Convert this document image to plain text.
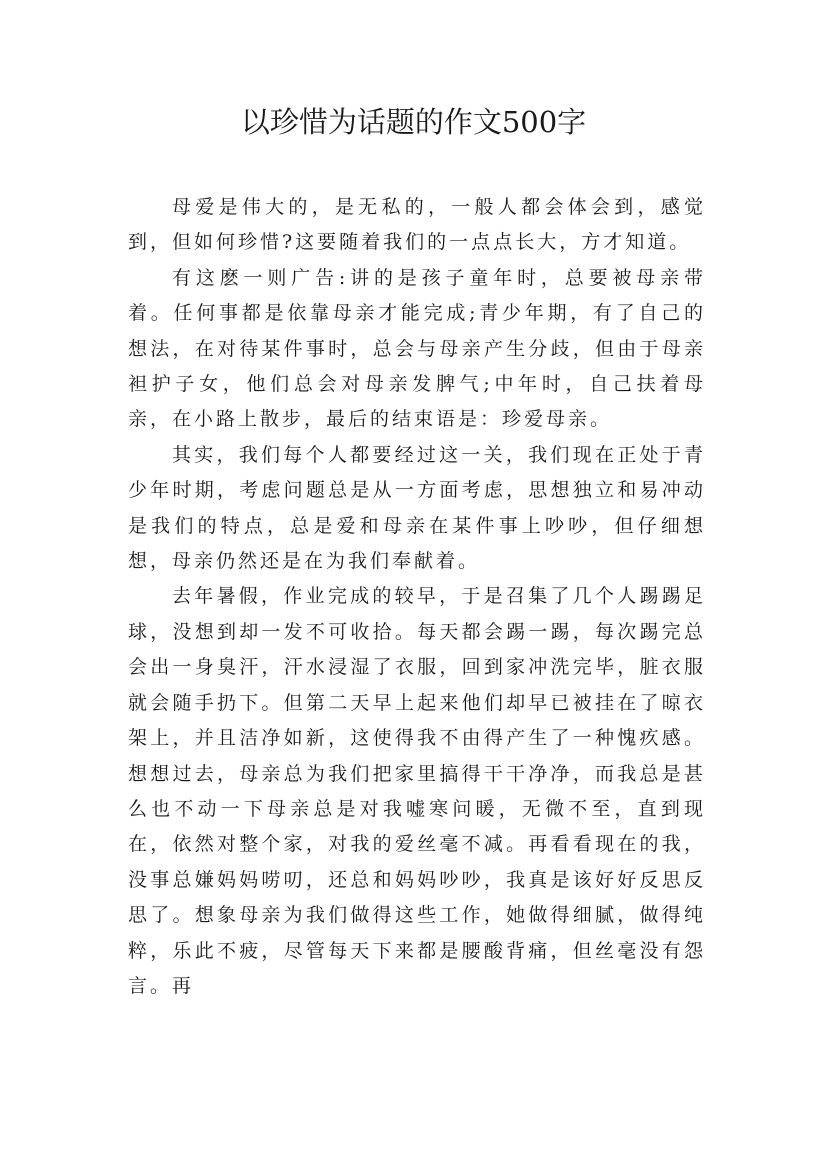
以珍惜为话题的作文500字

母爱是伟大的，是无私的，一般人都会体会到，感觉到，但如何珍惜?这要随着我们的一点点长大，方才知道。

有这麽一则广告:讲的是孩子童年时，总要被母亲带着。任何事都是依靠母亲才能完成;青少年期，有了自己的想法，在对待某件事时，总会与母亲产生分歧，但由于母亲袒护子女，他们总会对母亲发脾气;中年时，自己扶着母亲，在小路上散步，最后的结束语是：珍爱母亲。

其实，我们每个人都要经过这一关，我们现在正处于青少年时期，考虑问题总是从一方面考虑，思想独立和易冲动是我们的特点，总是爱和母亲在某件事上吵吵，但仔细想想，母亲仍然还是在为我们奉献着。

去年暑假，作业完成的较早，于是召集了几个人踢踢足球，没想到却一发不可收拾。每天都会踢一踢，每次踢完总会出一身臭汗，汗水浸湿了衣服，回到家冲洗完毕，脏衣服就会随手扔下。但第二天早上起来他们却早已被挂在了晾衣架上，并且洁净如新，这使得我不由得产生了一种愧疚感。想想过去，母亲总为我们把家里搞得干干净净，而我总是甚么也不动一下母亲总是对我嘘寒问暖，无微不至，直到现在，依然对整个家，对我的爱丝毫不减。再看看现在的我，没事总嫌妈妈唠叨，还总和妈妈吵吵，我真是该好好反思反思了。想象母亲为我们做得这些工作，她做得细腻，做得纯粹，乐此不疲，尽管每天下来都是腰酸背痛，但丝毫没有怨言。再
